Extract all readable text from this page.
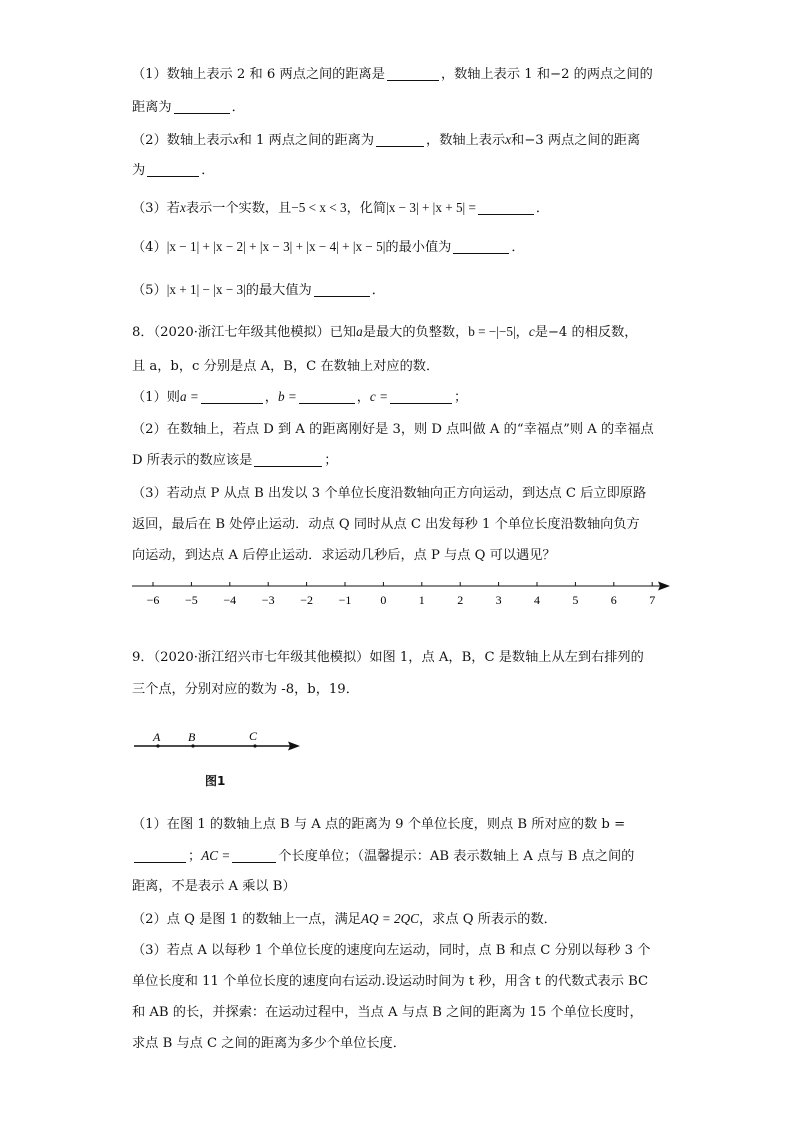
（1）数轴上表示 2 和 6 两点之间的距离是	，数轴上表示 1 和−2 的两点之间的
距离为	．
（2）数轴上表示x和 1 两点之间的距离为	，数轴上表示x和−3 两点之间的距离
为	．
（3）若x表示一个实数，且−5 < x < 3，化简|x − 3| + |x + 5| =	．
（4）|x − 1| + |x − 2| + |x − 3| + |x − 4| + |x − 5|的最小值为	．
（5）|x + 1| − |x − 3|的最大值为	．
8．（2020·浙江七年级其他模拟）已知a是最大的负整数，b = −|−5|，c是−4 的相反数，
且 a，b，c 分别是点 A，B，C 在数轴上对应的数．
（1）则a =	，b =	，c =	；
（2）在数轴上，若点 D 到 A 的距离刚好是 3，则 D 点叫做 A 的“幸福点”则 A 的幸福点
D 所表示的数应该是	；
（3）若动点 P 从点 B 出发以 3 个单位长度沿数轴向正方向运动，到达点 C 后立即原路
返回，最后在 B 处停止运动．动点 Q 同时从点 C 出发每秒 1 个单位长度沿数轴向负方
向运动，到达点 A 后停止运动．求运动几秒后，点 P 与点 Q 可以遇见？
−6 −5 −4 −3 −2 −1 0	1	2	3	4	5	6	7
9．（2020·浙江绍兴市七年级其他模拟）如图 1，点 A，B，C 是数轴上从左到右排列的
三个点，分别对应的数为 -8，b，19．
A B	C
图1
（1）在图 1 的数轴上点 B 与 A 点的距离为 9 个单位长度，则点 B 所对应的数 b =
；AC =	个长度单位；（温馨提示：AB 表示数轴上 A 点与 B 点之间的
距离，不是表示 A 乘以 B）
（2）点 Q 是图 1 的数轴上一点，满足AQ = 2QC，求点 Q 所表示的数．
（3）若点 A 以每秒 1 个单位长度的速度向左运动，同时，点 B 和点 C 分别以每秒 3 个
单位长度和 11 个单位长度的速度向右运动.设运动时间为 t 秒，用含 t 的代数式表示 BC
和 AB 的长，并探索：在运动过程中，当点 A 与点 B 之间的距离为 15 个单位长度时，
求点 B 与点 C 之间的距离为多少个单位长度．
